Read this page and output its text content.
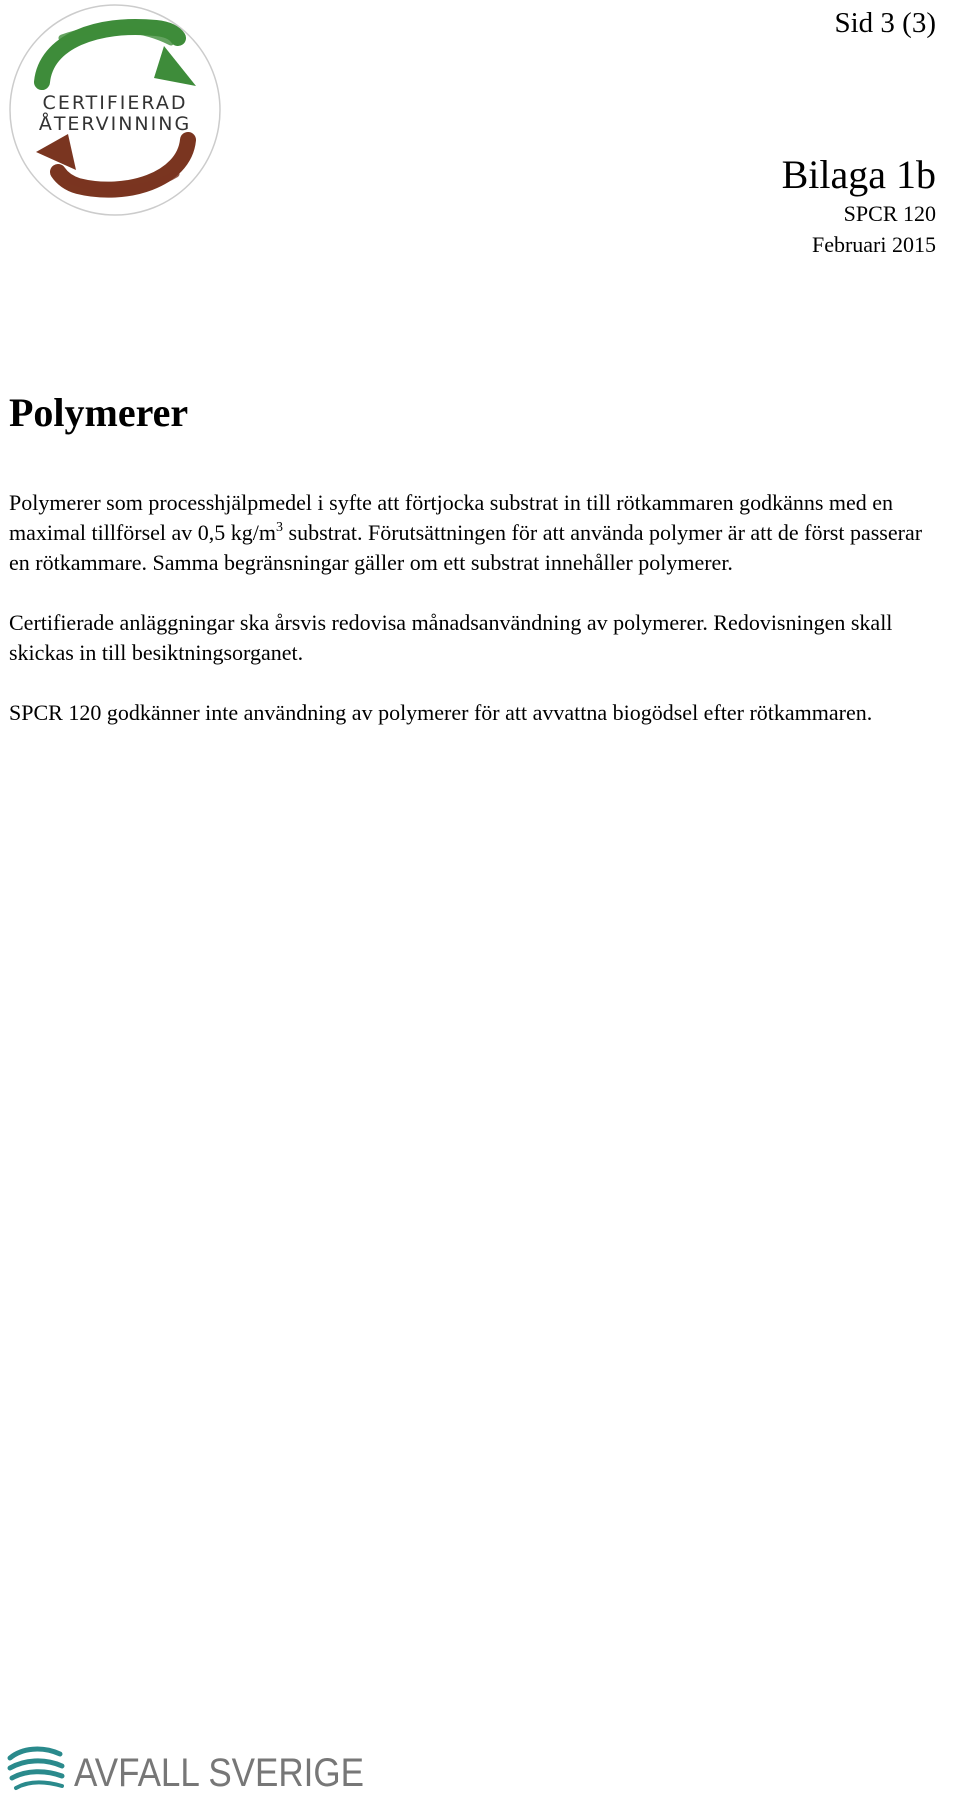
CERTIFIERAD
ÅTERVINNING
Sid 3 (3)
Bilaga 1b
SPCR 120
Februari 2015
Polymerer

Polymerer som processhjälpmedel i syfte att förtjocka substrat in till rötkammaren godkänns med en maximal tillförsel av 0,5 $kg/m^3$ substrat. Förutsättningen för att använda polymer är att de först passerar en rötkammare. Samma begränsningar gäller om ett substrat innehåller polymerer.

Certifierade anläggningar ska årsvis redovisa månadsanvändning av polymerer. Redovisningen skall skickas in till besiktningsorganet.

SPCR 120 godkänner inte användning av polymerer för att avvattna biogödsel efter rötkammaren.

AVFALL SVERIGE
